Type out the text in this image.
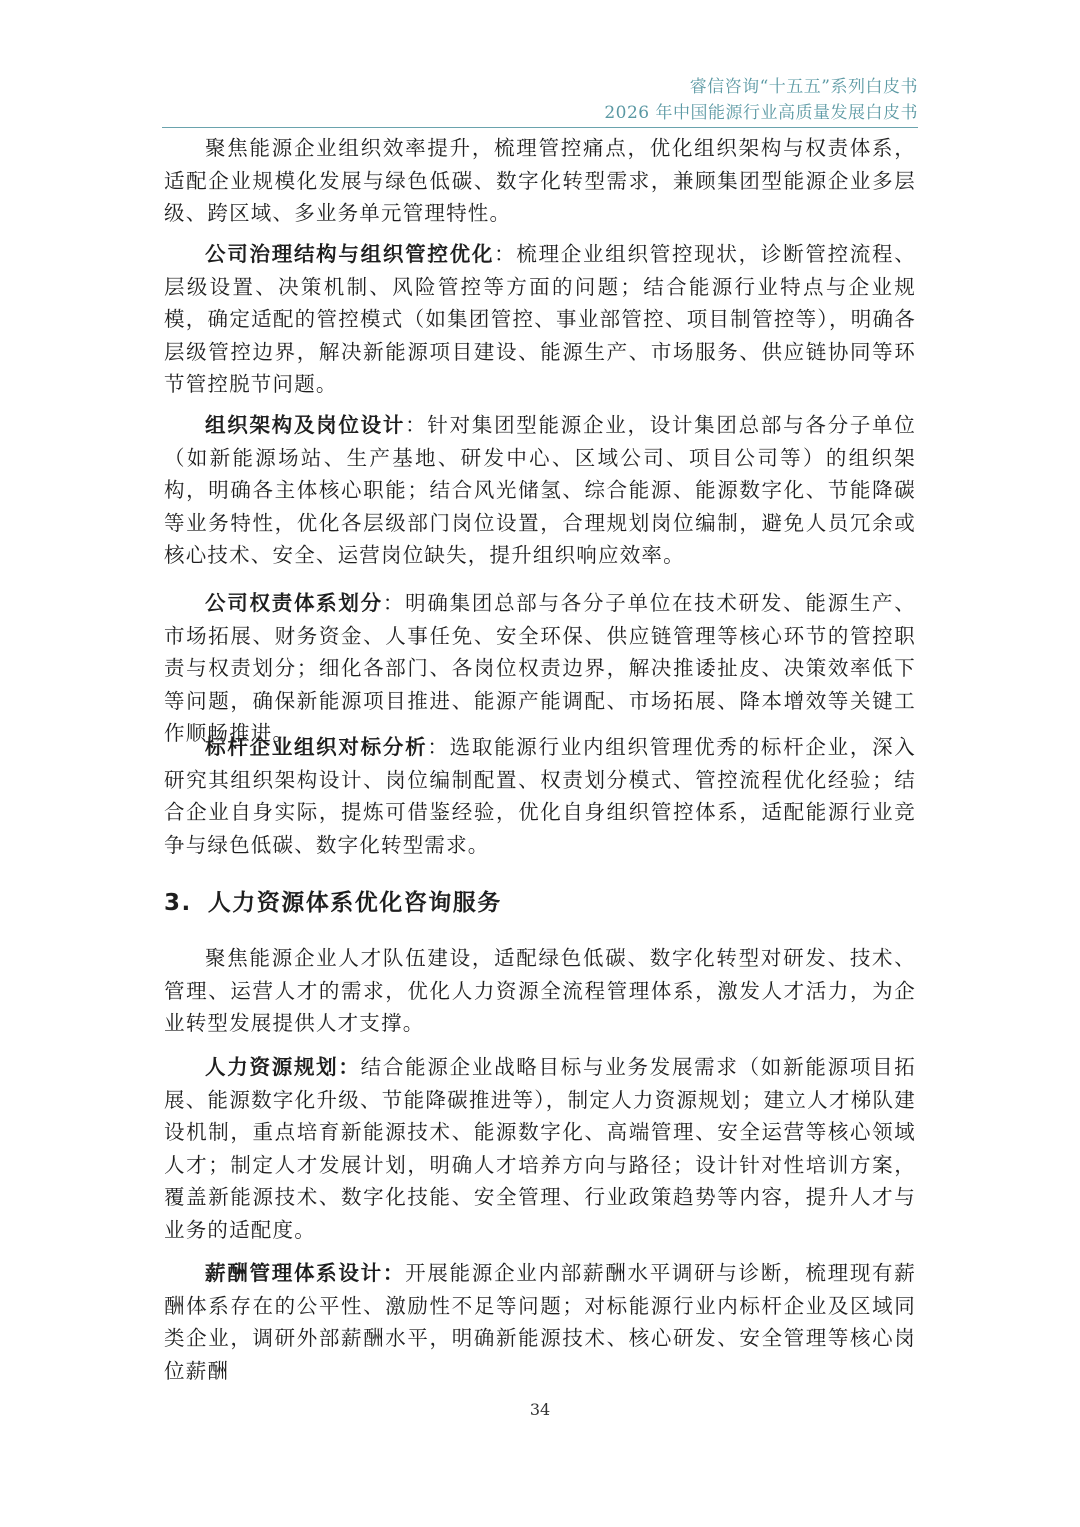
睿信咨询“十五五”系列白皮书
2026 年中国能源行业高质量发展白皮书

聚焦能源企业组织效率提升，梳理管控痛点，优化组织架构与权责体系，适配企业规模化发展与绿色低碳、数字化转型需求，兼顾集团型能源企业多层级、跨区域、多业务单元管理特性。

公司治理结构与组织管控优化：梳理企业组织管控现状，诊断管控流程、层级设置、决策机制、风险管控等方面的问题；结合能源行业特点与企业规模，确定适配的管控模式（如集团管控、事业部管控、项目制管控等），明确各层级管控边界，解决新能源项目建设、能源生产、市场服务、供应链协同等环节管控脱节问题。

组织架构及岗位设计：针对集团型能源企业，设计集团总部与各分子单位（如新能源场站、生产基地、研发中心、区域公司、项目公司等）的组织架构，明确各主体核心职能；结合风光储氢、综合能源、能源数字化、节能降碳等业务特性，优化各层级部门岗位设置，合理规划岗位编制，避免人员冗余或核心技术、安全、运营岗位缺失，提升组织响应效率。

公司权责体系划分：明确集团总部与各分子单位在技术研发、能源生产、市场拓展、财务资金、人事任免、安全环保、供应链管理等核心环节的管控职责与权责划分；细化各部门、各岗位权责边界，解决推诿扯皮、决策效率低下等问题，确保新能源项目推进、能源产能调配、市场拓展、降本增效等关键工作顺畅推进。

标杆企业组织对标分析：选取能源行业内组织管理优秀的标杆企业，深入研究其组织架构设计、岗位编制配置、权责划分模式、管控流程优化经验；结合企业自身实际，提炼可借鉴经验，优化自身组织管控体系，适配能源行业竞争与绿色低碳、数字化转型需求。

3. 人力资源体系优化咨询服务

聚焦能源企业人才队伍建设，适配绿色低碳、数字化转型对研发、技术、管理、运营人才的需求，优化人力资源全流程管理体系，激发人才活力，为企业转型发展提供人才支撑。

人力资源规划：结合能源企业战略目标与业务发展需求（如新能源项目拓展、能源数字化升级、节能降碳推进等），制定人力资源规划；建立人才梯队建设机制，重点培育新能源技术、能源数字化、高端管理、安全运营等核心领域人才；制定人才发展计划，明确人才培养方向与路径；设计针对性培训方案，覆盖新能源技术、数字化技能、安全管理、行业政策趋势等内容，提升人才与业务的适配度。

薪酬管理体系设计：开展能源企业内部薪酬水平调研与诊断，梳理现有薪酬体系存在的公平性、激励性不足等问题；对标能源行业内标杆企业及区域同类企业，调研外部薪酬水平，明确新能源技术、核心研发、安全管理等核心岗位薪酬

34
